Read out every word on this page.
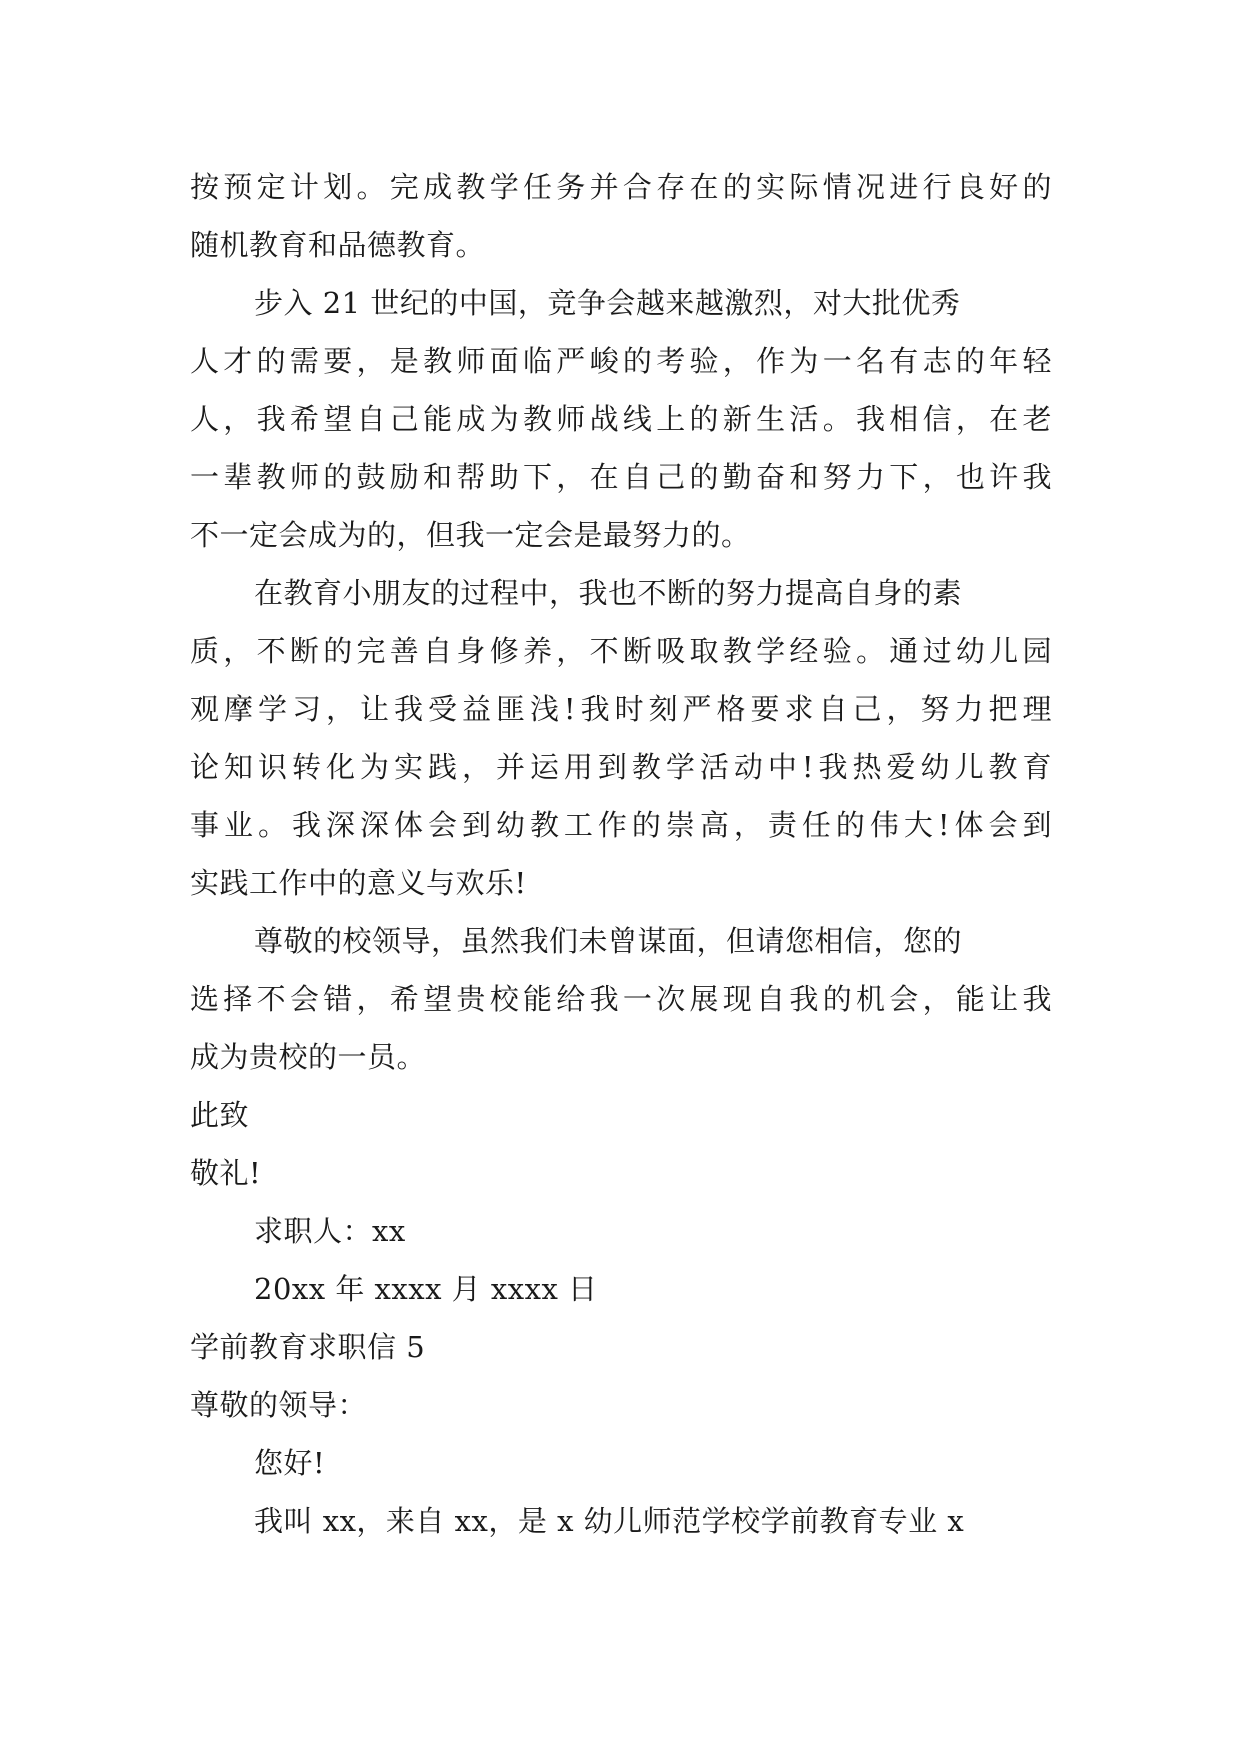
按预定计划。完成教学任务并合存在的实际情况进行良好的
随机教育和品德教育。
步入 21 世纪的中国，竞争会越来越激烈，对大批优秀
人才的需要，是教师面临严峻的考验，作为一名有志的年轻
人，我希望自己能成为教师战线上的新生活。我相信，在老
一辈教师的鼓励和帮助下，在自己的勤奋和努力下，也许我
不一定会成为的，但我一定会是最努力的。
在教育小朋友的过程中，我也不断的努力提高自身的素
质，不断的完善自身修养，不断吸取教学经验。通过幼儿园
观摩学习，让我受益匪浅!我时刻严格要求自己，努力把理
论知识转化为实践，并运用到教学活动中!我热爱幼儿教育
事业。我深深体会到幼教工作的崇高，责任的伟大!体会到
实践工作中的意义与欢乐!
尊敬的校领导，虽然我们未曾谋面，但请您相信，您的
选择不会错，希望贵校能给我一次展现自我的机会，能让我
成为贵校的一员。
此致
敬礼!
求职人：xx
20xx 年 xxxx 月 xxxx 日
学前教育求职信 5
尊敬的领导：
您好!
我叫 xx，来自 xx，是 x 幼儿师范学校学前教育专业 x
